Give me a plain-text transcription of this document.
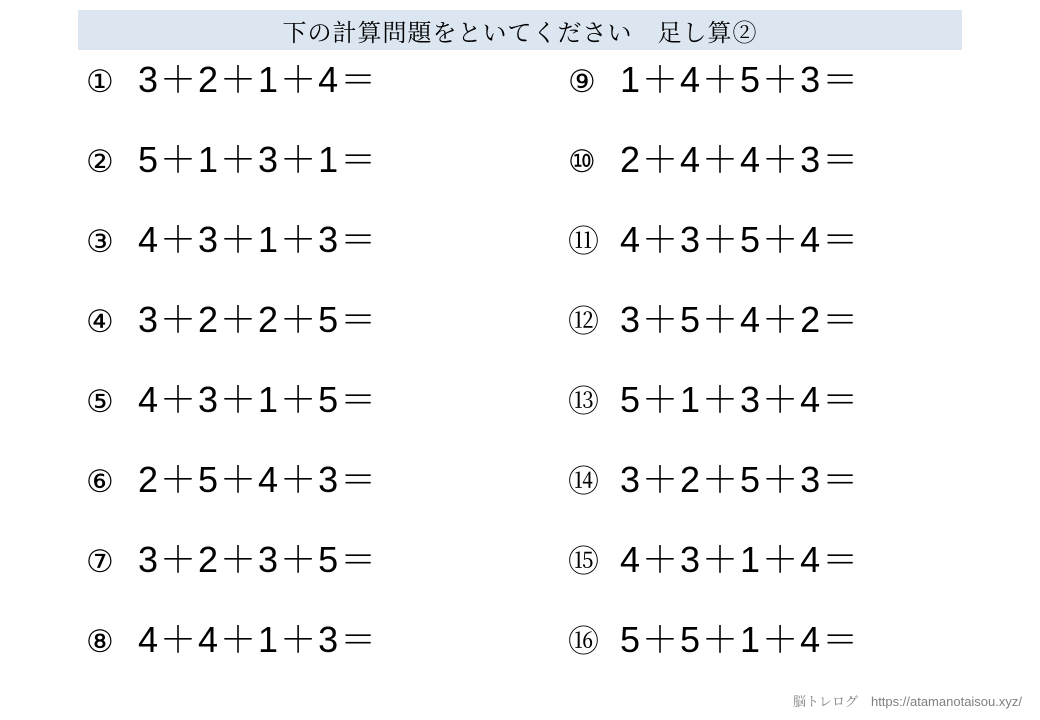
下の計算問題をといてください　足し算②
① 3＋2＋1＋4＝
② 5＋1＋3＋1＝
③ 4＋3＋1＋3＝
④ 3＋2＋2＋5＝
⑤ 4＋3＋1＋5＝
⑥ 2＋5＋4＋3＝
⑦ 3＋2＋3＋5＝
⑧ 4＋4＋1＋3＝
⑨ 1＋4＋5＋3＝
⑩ 2＋4＋4＋3＝
⑪ 4＋3＋5＋4＝
⑫ 3＋5＋4＋2＝
⑬ 5＋1＋3＋4＝
⑭ 3＋2＋5＋3＝
⑮ 4＋3＋1＋4＝
⑯ 5＋5＋1＋4＝
脳トレログ　https://atamanotaisou.xyz/
